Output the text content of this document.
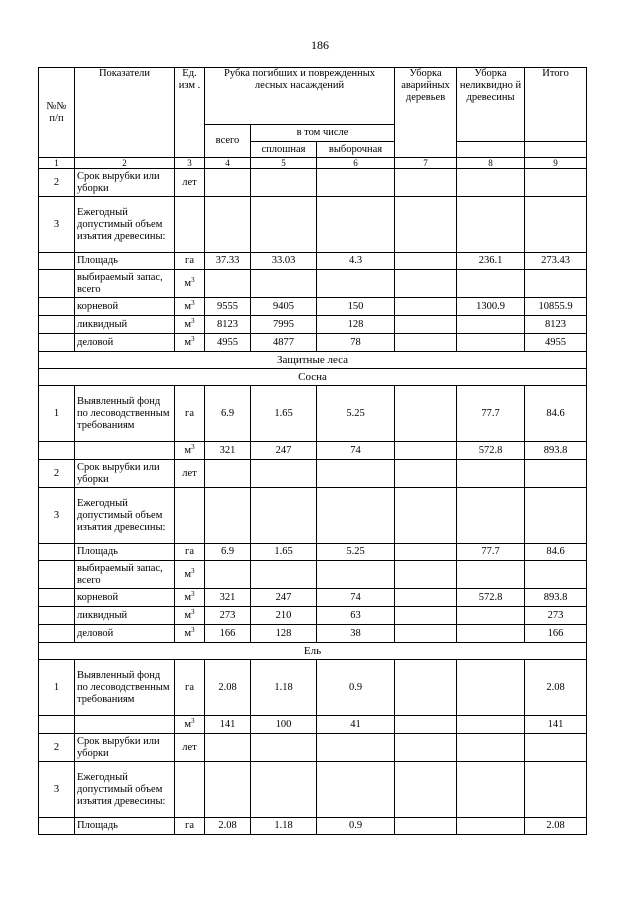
186
№№ п/п	Показатели	Ед. изм .	Рубка погибших и поврежденных лесных насаждений			Уборка аварийных деревьев	Уборка неликвидно й древесины	Итого
			всего	в том числе				
				сплошная	выборочная			
1	2	3	4	5	6	7	8	9
2	Срок вырубки или уборки	лет						
3	Ежегодный допустимый объем изъятия древесины:							
	Площадь	га	37.33	33.03	4.3		236.1	273.43
	выбираемый запас, всего	$м^3$						
	корневой	$м^3$	9555	9405	150		1300.9	10855.9
	ликвидный	$м^3$	8123	7995	128			8123
	деловой	$м^3$	4955	4877	78			4955
Защитные леса								
Сосна								
1	Выявленный фонд по лесоводственным требованиям	га	6.9	1.65	5.25		77.7	84.6
		$м^3$	321	247	74		572.8	893.8
2	Срок вырубки или уборки	лет						
3	Ежегодный допустимый объем изъятия древесины:							
	Площадь	га	6.9	1.65	5.25		77.7	84.6
	выбираемый запас, всего	$м^3$						
	корневой	$м^3$	321	247	74		572.8	893.8
	ликвидный	$м^3$	273	210	63			273
	деловой	$м^3$	166	128	38			166
Ель								
1	Выявленный фонд по лесоводственным требованиям	га	2.08	1.18	0.9			2.08
		$м^3$	141	100	41			141
2	Срок вырубки или уборки	лет						
3	Ежегодный допустимый объем изъятия древесины:							
	Площадь	га	2.08	1.18	0.9			2.08
